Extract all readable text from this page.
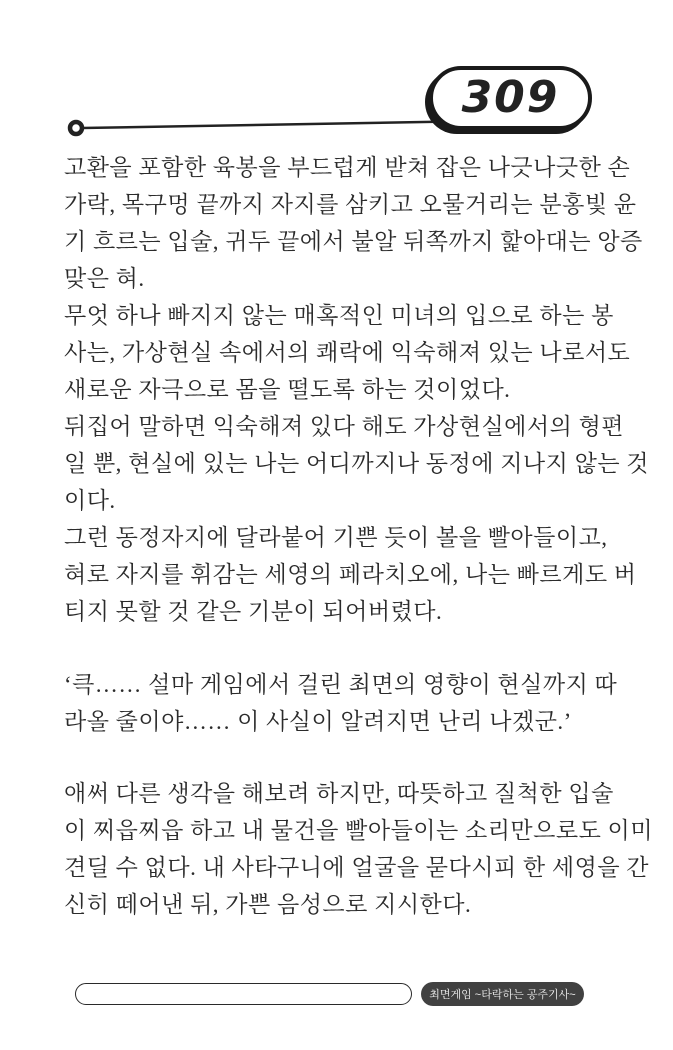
309

고환을 포함한 육봉을 부드럽게 받쳐 잡은 나긋나긋한 손 가락, 목구멍 끝까지 자지를 삼키고 오물거리는 분홍빛 윤 기 흐르는 입술, 귀두 끝에서 불알 뒤쪽까지 핥아대는 앙증 맞은 혀.

무엇 하나 빠지지 않는 매혹적인 미녀의 입으로 하는 봉 사는, 가상현실 속에서의 쾌락에 익숙해져 있는 나로서도 새로운 자극으로 몸을 떨도록 하는 것이었다.

뒤집어 말하면 익숙해져 있다 해도 가상현실에서의 형편 일 뿐, 현실에 있는 나는 어디까지나 동정에 지나지 않는 것 이다.

그런 동정자지에 달라붙어 기쁜 듯이 볼을 빨아들이고, 혀로 자지를 휘감는 세영의 페라치오에, 나는 빠르게도 버 티지 못할 것 같은 기분이 되어버렸다.

‘큭…… 설마 게임에서 걸린 최면의 영향이 현실까지 따 라올 줄이야…… 이 사실이 알려지면 난리 나겠군.’

애써 다른 생각을 해보려 하지만, 따뜻하고 질척한 입술 이 찌읍찌읍 하고 내 물건을 빨아들이는 소리만으로도 이미 견딜 수 없다. 내 사타구니에 얼굴을 묻다시피 한 세영을 간 신히 떼어낸 뒤, 가쁜 음성으로 지시한다.

최면게임 ~타락하는 공주기사~
